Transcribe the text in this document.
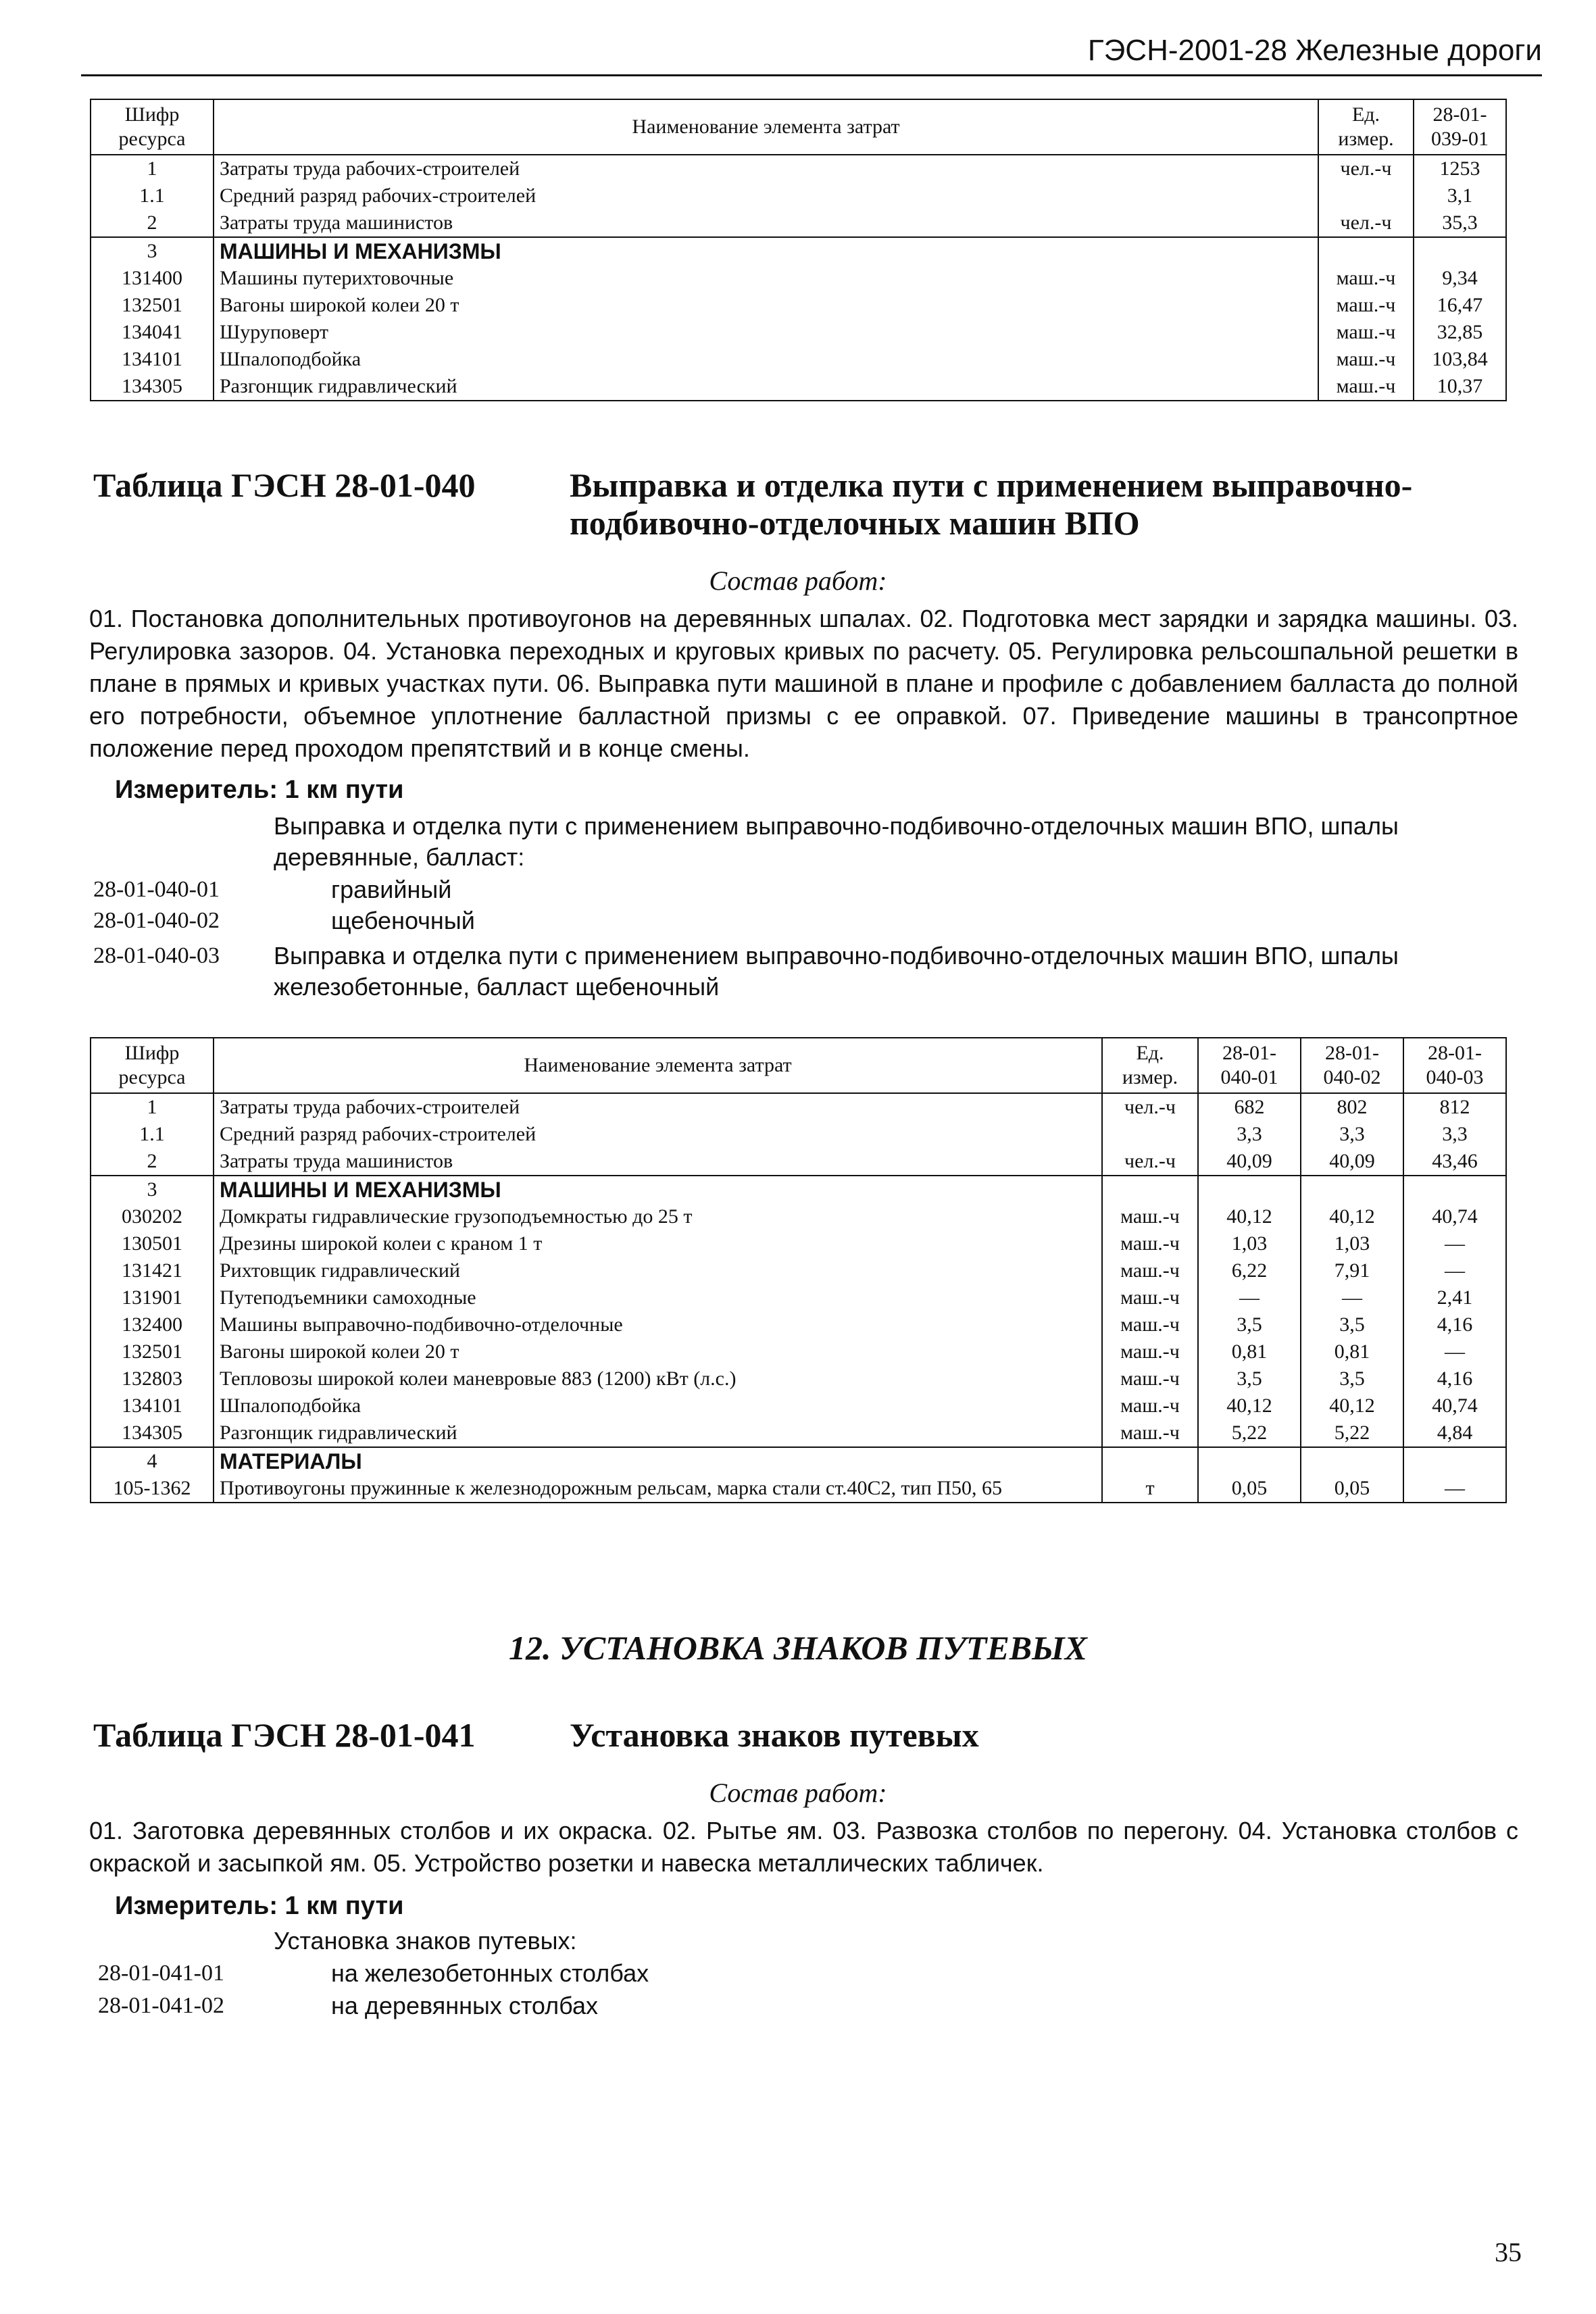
ГЭСН-2001-28 Железные дороги
Шифр ресурса	Наименование элемента затрат	Ед. измер.	28-01-039-01
1	Затраты труда рабочих-строителей	чел.-ч	1253
1.1	Средний разряд рабочих-строителей		3,1
2	Затраты труда машинистов	чел.-ч	35,3
3	МАШИНЫ И МЕХАНИЗМЫ		
131400	Машины путерихтовочные	маш.-ч	9,34
132501	Вагоны широкой колеи 20 т	маш.-ч	16,47
134041	Шуруповерт	маш.-ч	32,85
134101	Шпалоподбойка	маш.-ч	103,84
134305	Разгонщик гидравлический	маш.-ч	10,37
Таблица ГЭСН 28-01-040	Выправка и отделка пути с применением выправочно-подбивочно-отделочных машин ВПО
Состав работ:
01. Постановка дополнительных противоугонов на деревянных шпалах. 02. Подготовка мест зарядки и зарядка машины. 03. Регулировка зазоров. 04. Установка переходных и круговых кривых по расчету. 05. Регулировка рельсошпальной решетки в плане в прямых и кривых участках пути. 06. Выправка пути машиной в плане и профиле с добавлением балласта до полной его потребности, объемное уплотнение балластной призмы с ее оправкой. 07. Приведение машины в трансопртное положение перед проходом препятствий и в конце смены.
Измеритель: 1 км пути
Выправка и отделка пути с применением выправочно-подбивочно-отделочных машин ВПО, шпалы деревянные, балласт:
28-01-040-01	гравийный
28-01-040-02	щебеночный
28-01-040-03 Выправка и отделка пути с применением выправочно-подбивочно-отделочных машин ВПО, шпалы железобетонные, балласт щебеночный
Шифр ресурса	Наименование элемента затрат	Ед. измер.	28-01-040-01	28-01-040-02	28-01-040-03
1	Затраты труда рабочих-строителей	чел.-ч	682	802	812
1.1	Средний разряд рабочих-строителей		3,3	3,3	3,3
2	Затраты труда машинистов	чел.-ч	40,09	40,09	43,46
3	МАШИНЫ И МЕХАНИЗМЫ				
030202	Домкраты гидравлические грузоподъемностью до 25 т	маш.-ч	40,12	40,12	40,74
130501	Дрезины широкой колеи с краном 1 т	маш.-ч	1,03	1,03	—
131421	Рихтовщик гидравлический	маш.-ч	6,22	7,91	—
131901	Путеподъемники самоходные	маш.-ч	—	—	2,41
132400	Машины выправочно-подбивочно-отделочные	маш.-ч	3,5	3,5	4,16
132501	Вагоны широкой колеи 20 т	маш.-ч	0,81	0,81	—
132803	Тепловозы широкой колеи маневровые 883 (1200) кВт (л.с.)	маш.-ч	3,5	3,5	4,16
134101	Шпалоподбойка	маш.-ч	40,12	40,12	40,74
134305	Разгонщик гидравлический	маш.-ч	5,22	5,22	4,84
4	МАТЕРИАЛЫ				
105-1362	Противоугоны пружинные к железнодорожным рельсам, марка стали ст.40С2, тип П50, 65	т	0,05	0,05	—
12. УСТАНОВКА ЗНАКОВ ПУТЕВЫХ
Таблица ГЭСН 28-01-041	Установка знаков путевых
Состав работ:
01. Заготовка деревянных столбов и их окраска. 02. Рытье ям. 03. Развозка столбов по перегону. 04. Установка столбов с окраской и засыпкой ям. 05. Устройство розетки и навеска металлических табличек.
Измеритель: 1 км пути
Установка знаков путевых:
28-01-041-01	на железобетонных столбах
28-01-041-02	на деревянных столбах
35
